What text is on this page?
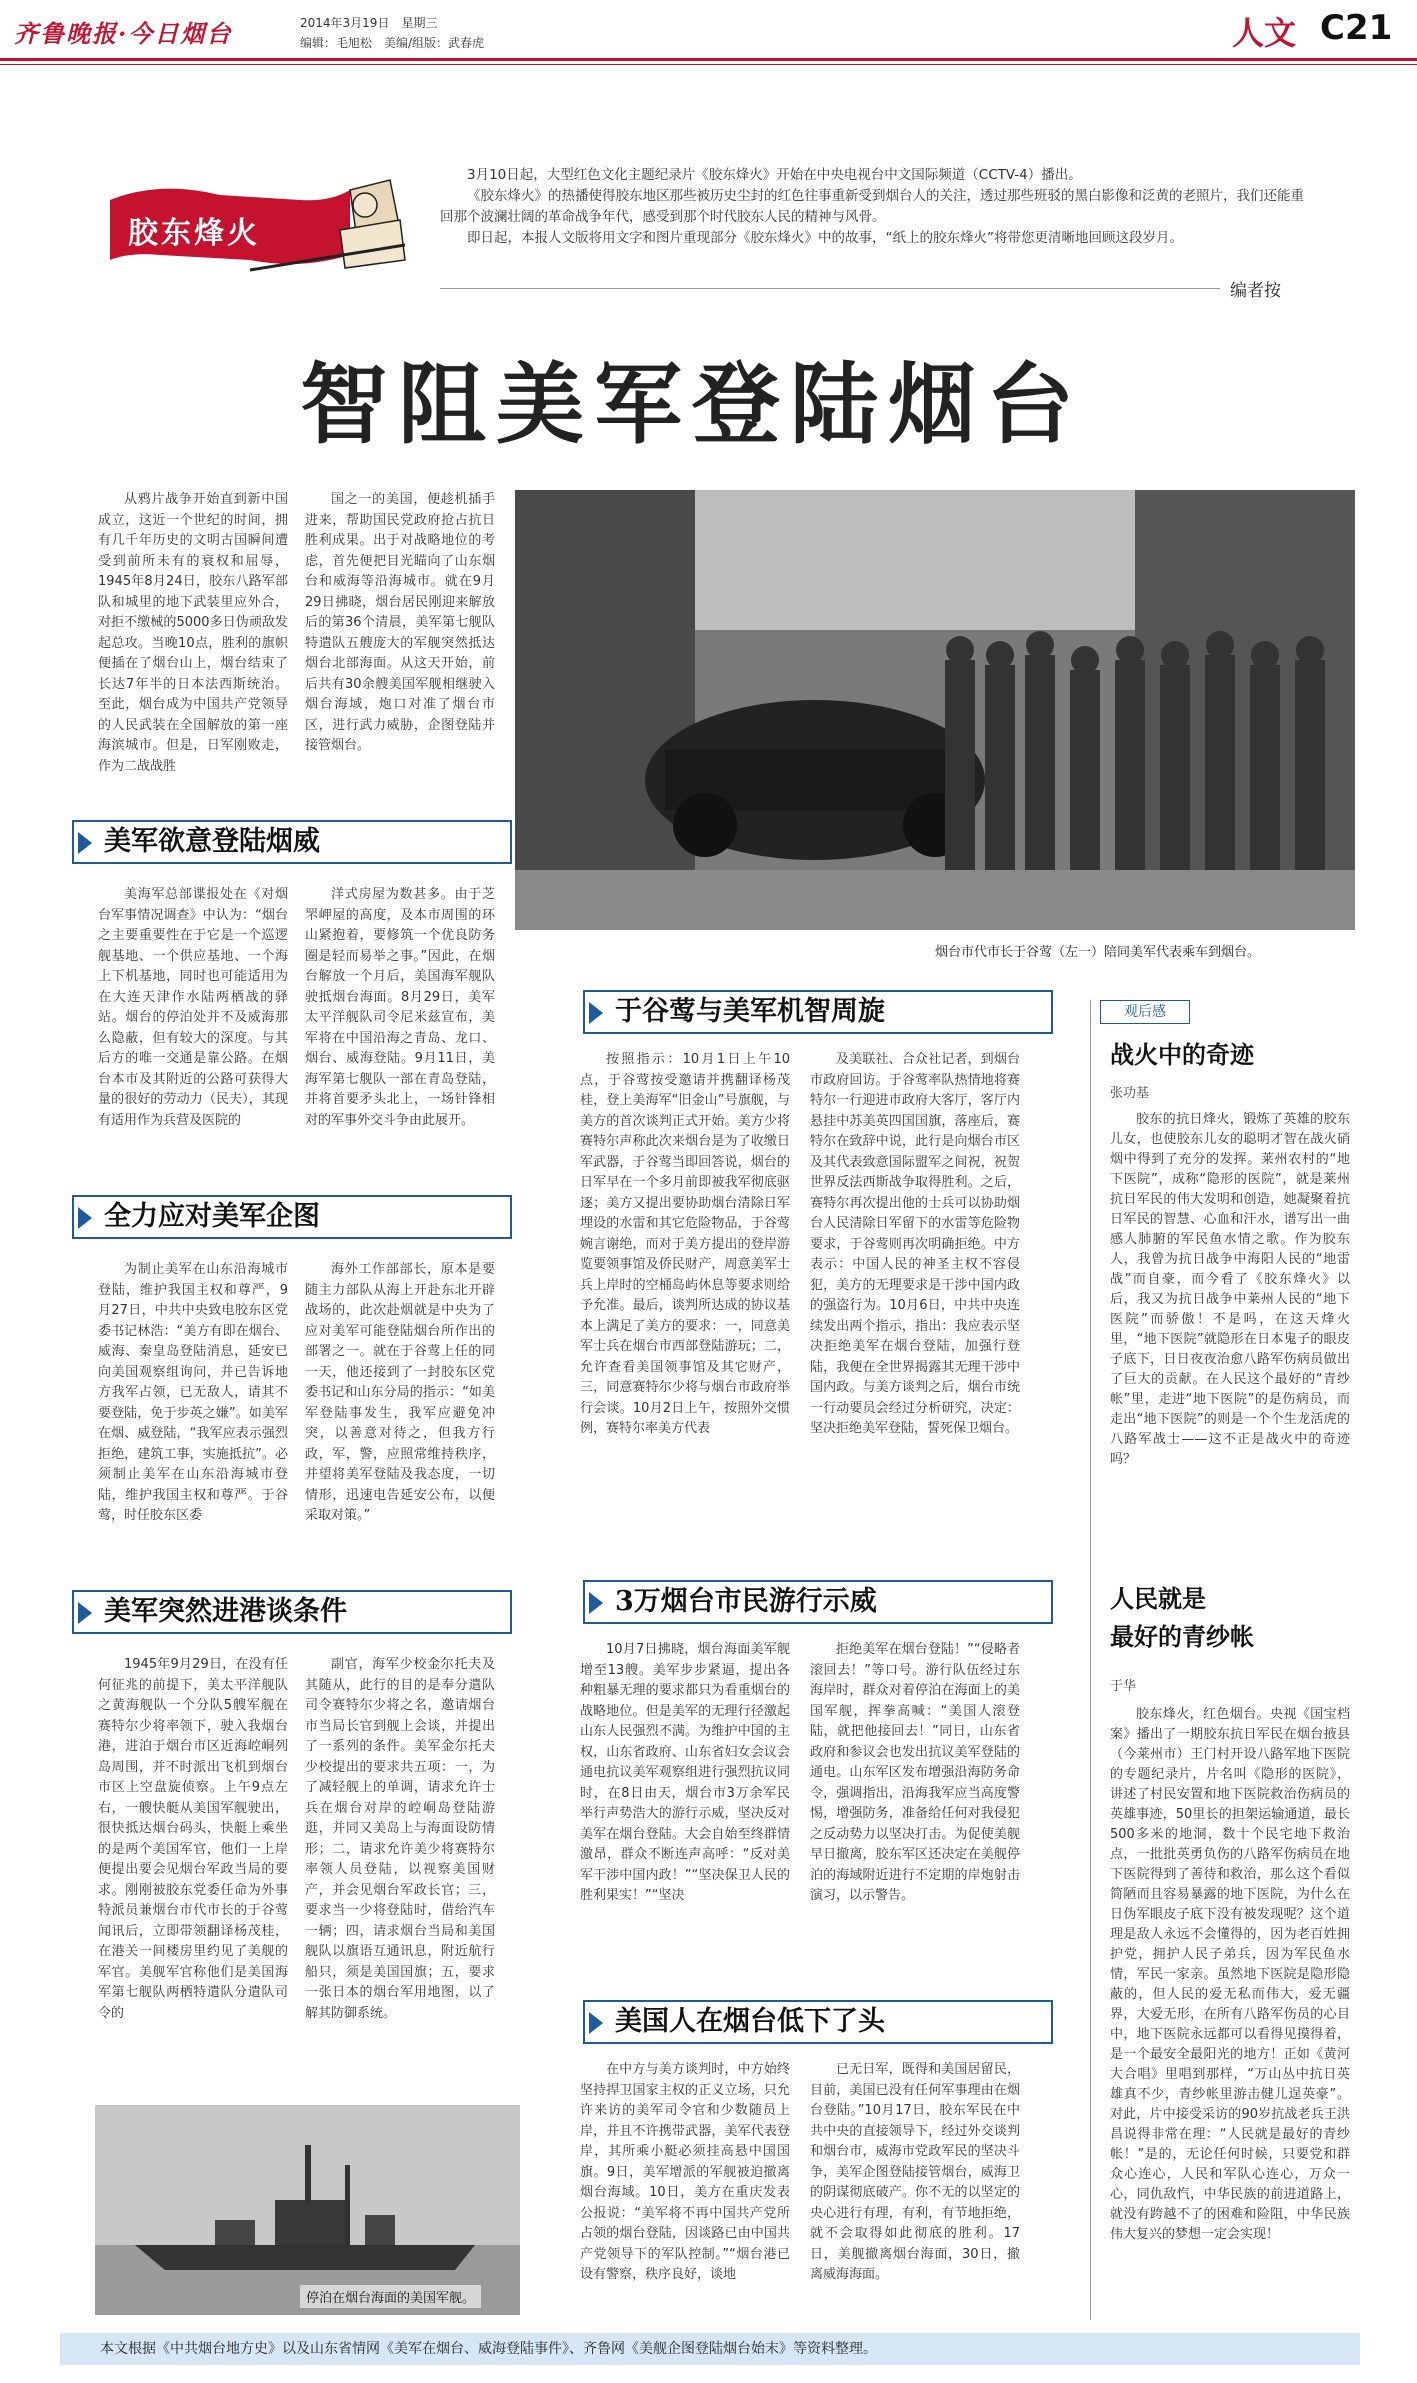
齐鲁晚报·今日烟台	2014年3月19日　星期三
编辑：毛旭松　美编/组版：武春虎	人文 C21
胶东烽火

3月10日起，大型红色文化主题纪录片《胶东烽火》开始在中央电视台中文国际频道（CCTV-4）播出。

《胶东烽火》的热播使得胶东地区那些被历史尘封的红色往事重新受到烟台人的关注，透过那些班驳的黑白影像和泛黄的老照片，我们还能重回那个波澜壮阔的革命战争年代，感受到那个时代胶东人民的精神与风骨。

即日起，本报人文版将用文字和图片重现部分《胶东烽火》中的故事，“纸上的胶东烽火”将带您更清晰地回顾这段岁月。

编者按
智阻美军登陆烟台

从鸦片战争开始直到新中国成立，这近一个世纪的时间，拥有几千年历史的文明古国瞬间遭受到前所未有的衰权和屈辱，1945年8月24日，胶东八路军部队和城里的地下武装里应外合，对拒不缴械的5000多日伪顽敌发起总攻。当晚10点，胜利的旗帜便插在了烟台山上，烟台结束了长达7年半的日本法西斯统治。至此，烟台成为中国共产党领导的人民武装在全国解放的第一座海滨城市。但是，日军刚败走，作为二战战胜

国之一的美国，便趁机插手进来，帮助国民党政府抢占抗日胜利成果。出于对战略地位的考虑，首先便把目光瞄向了山东烟台和威海等沿海城市。就在9月29日拂晓，烟台居民刚迎来解放后的第36个清晨，美军第七舰队特遣队五艘庞大的军舰突然抵达烟台北部海面。从这天开始，前后共有30余艘美国军舰相继驶入烟台海域，炮口对准了烟台市区，进行武力威胁，企图登陆并接管烟台。

烟台市代市长于谷莺（左一）陪同美军代表乘车到烟台。
美军欲意登陆烟威

美海军总部谍报处在《对烟台军事情况调查》中认为：“烟台之主要重要性在于它是一个巡逻舰基地、一个供应基地、一个海上下机基地，同时也可能适用为在大连天津作水陆两栖战的驿站。烟台的停泊处并不及威海那么隐蔽，但有较大的深度。与其后方的唯一交通是靠公路。在烟台本市及其附近的公路可获得大量的很好的劳动力（民夫），其现有适用作为兵营及医院的

洋式房屋为数甚多。由于芝罘岬屋的高度，及本市周围的环山紧抱着，要修筑一个优良防务圈是轻而易举之事。”因此，在烟台解放一个月后，美国海军舰队驶抵烟台海面。8月29日，美军太平洋舰队司令尼米兹宣布，美军将在中国沿海之青岛、龙口、烟台、威海登陆。9月11日，美海军第七舰队一部在青岛登陆，并将首要矛头北上，一场针锋相对的军事外交斗争由此展开。

全力应对美军企图

为制止美军在山东沿海城市登陆，维护我国主权和尊严，9月27日，中共中央致电胶东区党委书记林浩：“美方有即在烟台、威海、秦皇岛登陆消息，延安已向美国观察组询问，并已告诉地方我军占领，已无敌人，请其不要登陆，免于步英之嫌”。如美军在烟、威登陆，“我军应表示强烈拒绝，建筑工事，实施抵抗”。必须制止美军在山东沿海城市登陆，维护我国主权和尊严。于谷莺，时任胶东区委

海外工作部部长，原本是要随主力部队从海上开赴东北开辟战场的，此次赴烟就是中央为了应对美军可能登陆烟台所作出的部署之一。就在于谷莺上任的同一天，他还接到了一封胶东区党委书记和山东分局的指示：“如美军登陆事发生，我军应避免冲突，以善意对待之，但我方行政，军，警，应照常维持秩序，并望将美军登陆及我态度，一切情形，迅速电告延安公布，以便采取对策。”

于谷莺与美军机智周旋

按照指示：10月1日上午10点，于谷莺按受邀请并携翻译杨茂桂，登上美海军“旧金山”号旗舰，与美方的首次谈判正式开始。美方少将赛特尔声称此次来烟台是为了收缴日军武器，于谷莺当即回答说，烟台的日军早在一个多月前即被我军彻底驱逐；美方又提出要协助烟台清除日军埋设的水雷和其它危险物品，于谷莺婉言谢绝，而对于美方提出的登岸游览要领事馆及侨民财产，周意美军士兵上岸时的空桶岛屿休息等要求则给予允准。最后，谈判所达成的协议基本上满足了美方的要求：一，同意美军士兵在烟台市西部登陆游玩；二，允许查看美国领事馆及其它财产，三，同意赛特尔少将与烟台市政府举行会谈。10月2日上午，按照外交惯例，赛特尔率美方代表

及美联社、合众社记者，到烟台市政府回访。于谷莺率队热情地将赛特尔一行迎进市政府大客厅，客厅内悬挂中苏美英四国国旗，落座后，赛特尔在致辞中说，此行是向烟台市区及其代表致意国际盟军之间祝，祝贺世界反法西斯战争取得胜利。之后，赛特尔再次提出他的士兵可以协助烟台人民清除日军留下的水雷等危险物要求，于谷莺则再次明确拒绝。中方表示：中国人民的神圣主权不容侵犯，美方的无理要求是干涉中国内政的强盗行为。10月6日，中共中央连续发出两个指示，指出：我应表示坚决拒绝美军在烟台登陆，加强行登陆，我便在全世界揭露其无理干涉中国内政。与美方谈判之后，烟台市统一行动要员会经过分析研究，决定：坚决拒绝美军登陆，誓死保卫烟台。

美军突然进港谈条件

1945年9月29日，在没有任何征兆的前提下，美太平洋舰队之黄海舰队一个分队5艘军舰在赛特尔少将率领下，驶入我烟台港，进泊于烟台市区近海崆峒列岛周围，并不时派出飞机到烟台市区上空盘旋侦察。上午9点左右，一艘快艇从美国军舰驶出，很快抵达烟台码头，快艇上乘坐的是两个美国军官，他们一上岸便提出要会见烟台军政当局的要求。刚刚被胶东党委任命为外事特派员兼烟台市代市长的于谷莺闻讯后，立即带领翻译杨茂桂，在港关一间楼房里约见了美舰的军官。美舰军官称他们是美国海军第七舰队两栖特遣队分遣队司令的

副官，海军少校金尔托夫及其随从，此行的目的是奉分遣队司令赛特尔少将之名，邀请烟台市当局长官到舰上会谈，并提出了一系列的条件。美军金尔托夫少校提出的要求共五项：一，为了减轻舰上的单调，请求允许士兵在烟台对岸的崆峒岛登陆游逛，并同又美岛上与海面设防情形；二，请求允许美少将赛特尔率领人员登陆，以视察美国财产，并会见烟台军政长官；三，要求当一少将登陆时，借给汽车一辆；四，请求烟台当局和美国舰队以旗语互通讯息，附近航行船只，须是美国国旗；五，要求一张日本的烟台军用地图，以了解其防御系统。

停泊在烟台海面的美国军舰。
3万烟台市民游行示威

10月7日拂晓，烟台海面美军舰增至13艘。美军步步紧逼，提出各种粗暴无理的要求都只为看重烟台的战略地位。但是美军的无理行径激起山东人民强烈不满。为维护中国的主权，山东省政府、山东省妇女会议会通电抗议美军观察组进行强烈抗议同时，在8日由天，烟台市3万余军民举行声势浩大的游行示威，坚决反对美军在烟台登陆。大会自始至终群情激昂，群众不断连声高呼：“反对美军干涉中国内政！”“坚决保卫人民的胜利果实！”“坚决

拒绝美军在烟台登陆！”“侵略者滚回去！”等口号。游行队伍经过东海岸时，群众对着停泊在海面上的美国军舰，挥拳高喊：“美国人滚登陆，就把他接回去！”同日，山东省政府和参议会也发出抗议美军登陆的通电。山东军区发布增强沿海防务命令，强调指出，沿海我军应当高度警惕，增强防务，准备给任何对我侵犯之反动势力以坚决打击。为促使美舰早日撤离，胶东军区还决定在美舰停泊的海域附近进行不定期的岸炮射击演习，以示警告。

美国人在烟台低下了头

在中方与美方谈判时，中方始终坚持捍卫国家主权的正义立场，只允许来访的美军司令官和少数随员上岸，并且不许携带武器，美军代表登岸，其所乘小艇必须挂高悬中国国旗。9日，美军增派的军舰被迫撤离烟台海域。10日，美方在重庆发表公报说：“美军将不再中国共产党所占领的烟台登陆，因谈路已由中国共产党领导下的军队控制。”“烟台港已设有警察，秩序良好，谈地

已无日军，既得和美国居留民，目前，美国已没有任何军事理由在烟台登陆。”10月17日，胶东军民在中共中央的直接领导下，经过外交谈判和烟台市，威海市党政军民的坚决斗争，美军企图登陆接管烟台，威海卫的阴谋彻底破产。你不无的以坚定的央心进行有理，有利，有节地拒绝，就不会取得如此彻底的胜利。17日，美舰撤离烟台海面，30日，撤离威海海面。

观后感
战火中的奇迹
张功基

胶东的抗日烽火，锻炼了英雄的胶东儿女，也使胶东儿女的聪明才智在战火硝烟中得到了充分的发挥。莱州农村的“地下医院”，成称“隐形的医院”，就是莱州抗日军民的伟大发明和创造，她凝聚着抗日军民的智慧、心血和汗水，谱写出一曲感人肺腑的军民鱼水情之歌。作为胶东人，我曾为抗日战争中海阳人民的“地雷战”而自豪，而今看了《胶东烽火》以后，我又为抗日战争中莱州人民的“地下医院”而骄傲！不是吗，在这天烽火里，“地下医院”就隐形在日本鬼子的眼皮子底下，日日夜夜治愈八路军伤病员做出了巨大的贡献。在人民这个最好的“青纱帐”里，走进“地下医院”的是伤病员，而走出“地下医院”的则是一个个生龙活虎的八路军战士——这不正是战火中的奇迹吗？

人民就是
最好的青纱帐
于华

胶东烽火，红色烟台。央视《国宝档案》播出了一期胶东抗日军民在烟台掖县（今莱州市）王门村开设八路军地下医院的专题纪录片，片名叫《隐形的医院》，讲述了村民安置和地下医院救治伤病员的英雄事迹，50里长的担架运输通道，最长500多米的地洞，数十个民宅地下救治点，一批批英勇负伤的八路军伤病员在地下医院得到了善待和救治，那么这个看似简陋而且容易暴露的地下医院，为什么在日伪军眼皮子底下没有被发现呢？这个道理是敌人永远不会懂得的，因为老百姓拥护党，拥护人民子弟兵，因为军民鱼水情，军民一家亲。虽然地下医院是隐形隐蔽的，但人民的爱无私而伟大，爱无疆界，大爱无形，在所有八路军伤员的心目中，地下医院永远都可以看得见摸得着，是一个最安全最阳光的地方！正如《黄河大合唱》里唱到那样，“万山丛中抗日英雄真不少，青纱帐里游击健儿逞英豪”。对此，片中接受采访的90岁抗战老兵王洪昌说得非常在理：“人民就是最好的青纱帐！”是的，无论任何时候，只要党和群众心连心，人民和军队心连心，万众一心，同仇敌忾，中华民族的前进道路上，就没有跨越不了的困难和险阻，中华民族伟大复兴的梦想一定会实现！

本文根据《中共烟台地方史》以及山东省情网《美军在烟台、威海登陆事件》、齐鲁网《美舰企图登陆烟台始末》等资料整理。
